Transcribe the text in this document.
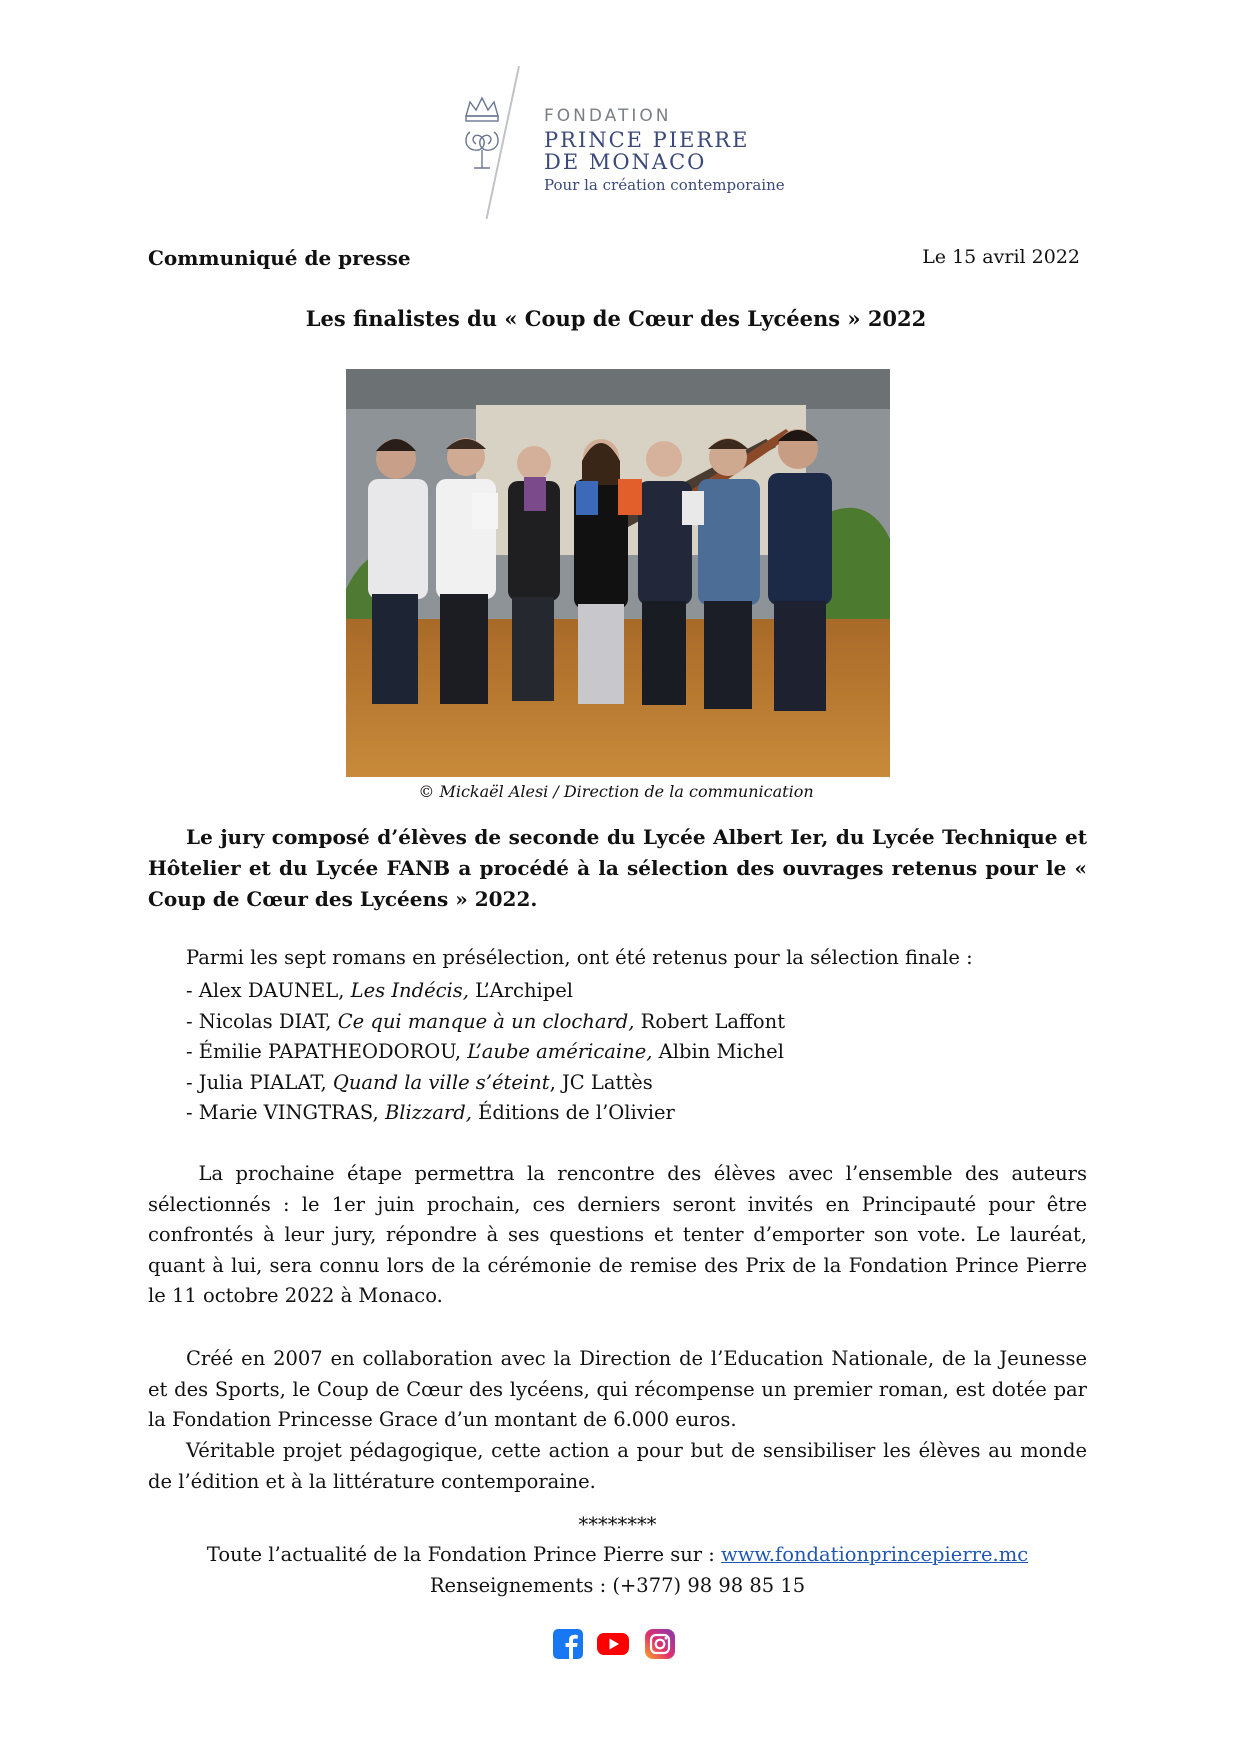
FONDATION
PRINCE PIERRE
DE MONACO
Pour la création contemporaine
Communiqué de presse	Le 15 avril 2022
Les finalistes du « Coup de Cœur des Lycéens » 2022
© Mickaël Alesi / Direction de la communication
Le jury composé d’élèves de seconde du Lycée Albert Ier, du Lycée Technique et Hôtelier et du Lycée FANB a procédé à la sélection des ouvrages retenus pour le « Coup de Cœur des Lycéens » 2022.
Parmi les sept romans en présélection, ont été retenus pour la sélection finale :
- Alex DAUNEL, Les Indécis, L’Archipel
- Nicolas DIAT, Ce qui manque à un clochard, Robert Laffont
- Émilie PAPATHEODOROU, L’aube américaine, Albin Michel
- Julia PIALAT, Quand la ville s’éteint, JC Lattès
- Marie VINGTRAS, Blizzard, Éditions de l’Olivier
La prochaine étape permettra la rencontre des élèves avec l’ensemble des auteurs sélectionnés : le 1er juin prochain, ces derniers seront invités en Principauté pour être confrontés à leur jury, répondre à ses questions et tenter d’emporter son vote. Le lauréat, quant à lui, sera connu lors de la cérémonie de remise des Prix de la Fondation Prince Pierre le 11 octobre 2022 à Monaco.
Créé en 2007 en collaboration avec la Direction de l’Education Nationale, de la Jeunesse et des Sports, le Coup de Cœur des lycéens, qui récompense un premier roman, est dotée par la Fondation Princesse Grace d’un montant de 6.000 euros.
Véritable projet pédagogique, cette action a pour but de sensibiliser les élèves au monde de l’édition et à la littérature contemporaine.
********
Toute l’actualité de la Fondation Prince Pierre sur : www.fondationprincepierre.mc
Renseignements : (+377) 98 98 85 15
